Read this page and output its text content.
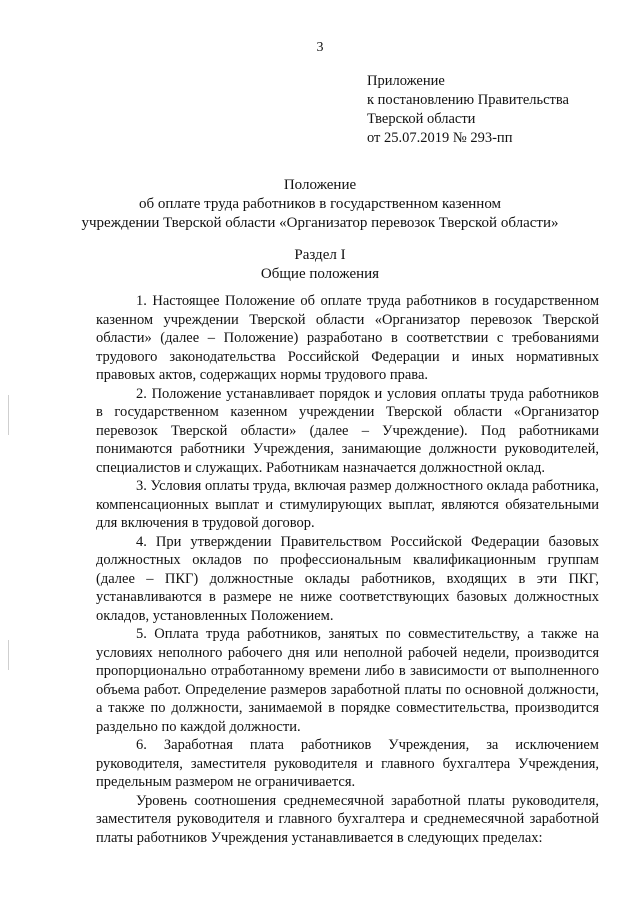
3
Приложение
к постановлению Правительства
Тверской области
от 25.07.2019 № 293-пп
Положение
об оплате труда работников в государственном казенном
учреждении Тверской области «Организатор перевозок Тверской области»
Раздел I
Общие положения

1. Настоящее Положение об оплате труда работников в государственном казенном учреждении Тверской области «Организатор перевозок Тверской области» (далее – Положение) разработано в соответствии с требованиями трудового законодательства Российской Федерации и иных нормативных правовых актов, содержащих нормы трудового права.

2. Положение устанавливает порядок и условия оплаты труда работников в государственном казенном учреждении Тверской области «Организатор перевозок Тверской области» (далее – Учреждение). Под работниками понимаются работники Учреждения, занимающие должности руководителей, специалистов и служащих. Работникам назначается должностной оклад.

3. Условия оплаты труда, включая размер должностного оклада работника, компенсационных выплат и стимулирующих выплат, являются обязательными для включения в трудовой договор.

4. При утверждении Правительством Российской Федерации базовых должностных окладов по профессиональным квалификационным группам (далее – ПКГ) должностные оклады работников, входящих в эти ПКГ, устанавливаются в размере не ниже соответствующих базовых должностных окладов, установленных Положением.

5. Оплата труда работников, занятых по совместительству, а также на условиях неполного рабочего дня или неполной рабочей недели, производится пропорционально отработанному времени либо в зависимости от выполненного объема работ. Определение размеров заработной платы по основной должности, а также по должности, занимаемой в порядке совместительства, производится раздельно по каждой должности.

6. Заработная плата работников Учреждения, за исключением руководителя, заместителя руководителя и главного бухгалтера Учреждения, предельным размером не ограничивается.

Уровень соотношения среднемесячной заработной платы руководителя, заместителя руководителя и главного бухгалтера и среднемесячной заработной платы работников Учреждения устанавливается в следующих пределах:
